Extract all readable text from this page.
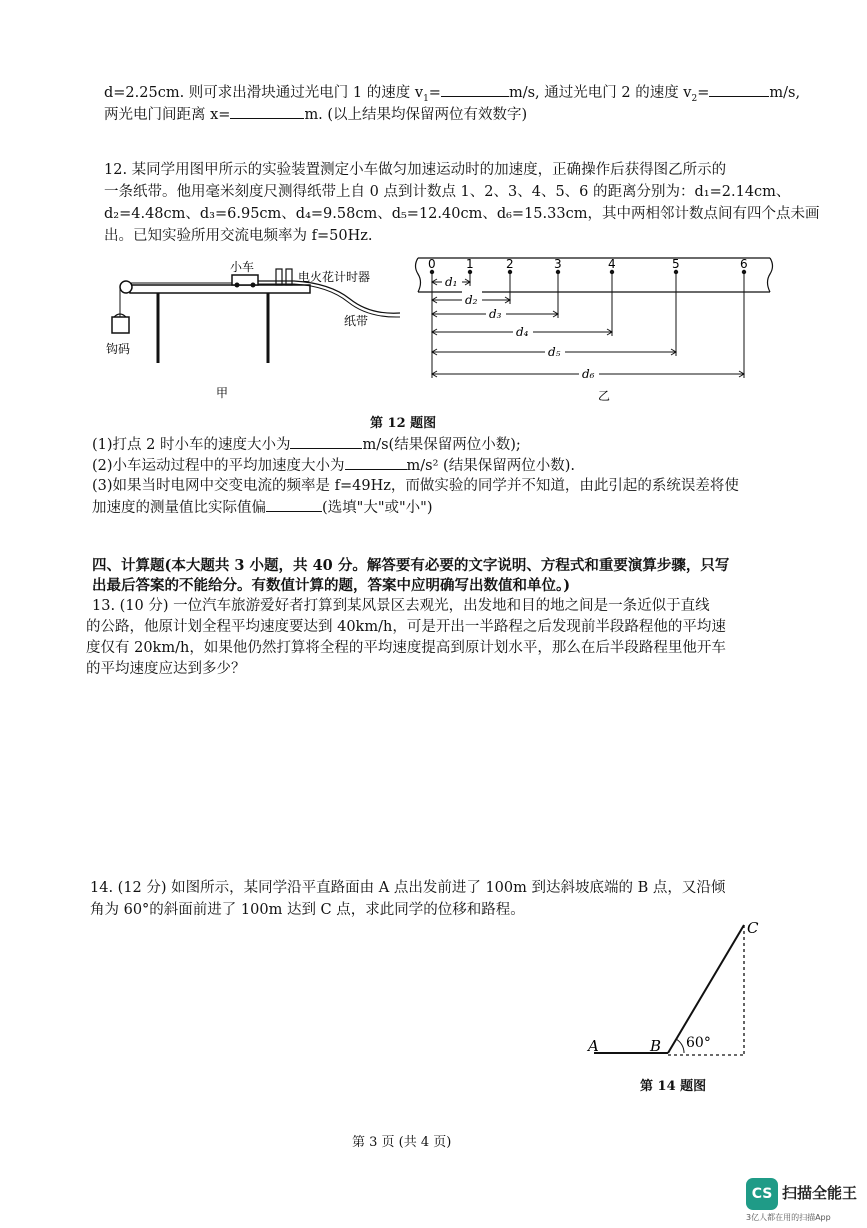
d=2.25cm. 则可求出滑块通过光电门 1 的速度 $v_1=$	m/s, 通过光电门 2 的速度 $v_2=$	m/s,
两光电门间距离 x=	m. (以上结果均保留两位有效数字)
12. 某同学用图甲所示的实验装置测定小车做匀加速运动时的加速度，正确操作后获得图乙所示的
一条纸带。他用毫米刻度尺测得纸带上自 0 点到计数点 1、2、3、4、5、6 的距离分别为：d₁=2.14cm、
d₂=4.48cm、d₃=6.95cm、d₄=9.58cm、d₅=12.40cm、d₆=15.33cm，其中两相邻计数点间有四个点未画
出。已知实验所用交流电频率为 f=50Hz.
小车
电火花计时器
纸带
钩码
甲
0	1	2	3	4	5	6
d₁
d₂
d₃
d₄
d₅
d₆
乙
第 12 题图
(1)打点 2 时小车的速度大小为	m/s(结果保留两位小数);
(2)小车运动过程中的平均加速度大小为	m/s² (结果保留两位小数).
(3)如果当时电网中交变电流的频率是 f=49Hz，而做实验的同学并不知道，由此引起的系统误差将使
加速度的测量值比实际值偏	(选填"大"或"小")
四、计算题(本大题共 3 小题，共 40 分。解答要有必要的文字说明、方程式和重要演算步骤，只写
出最后答案的不能给分。有数值计算的题，答案中应明确写出数值和单位。)
13. (10 分) 一位汽车旅游爱好者打算到某风景区去观光，出发地和目的地之间是一条近似于直线
的公路，他原计划全程平均速度要达到 40km/h，可是开出一半路程之后发现前半段路程他的平均速
度仅有 20km/h，如果他仍然打算将全程的平均速度提高到原计划水平，那么在后半段路程里他开车
的平均速度应达到多少？
14. (12 分) 如图所示，某同学沿平直路面由 A 点出发前进了 100m 到达斜坡底端的 B 点，又沿倾
角为 60°的斜面前进了 100m 达到 C 点，求此同学的位移和路程。
A	B
C
60°
第 14 题图
第 3 页 (共 4 页)
CS 扫描全能王
3亿人都在用的扫描App
